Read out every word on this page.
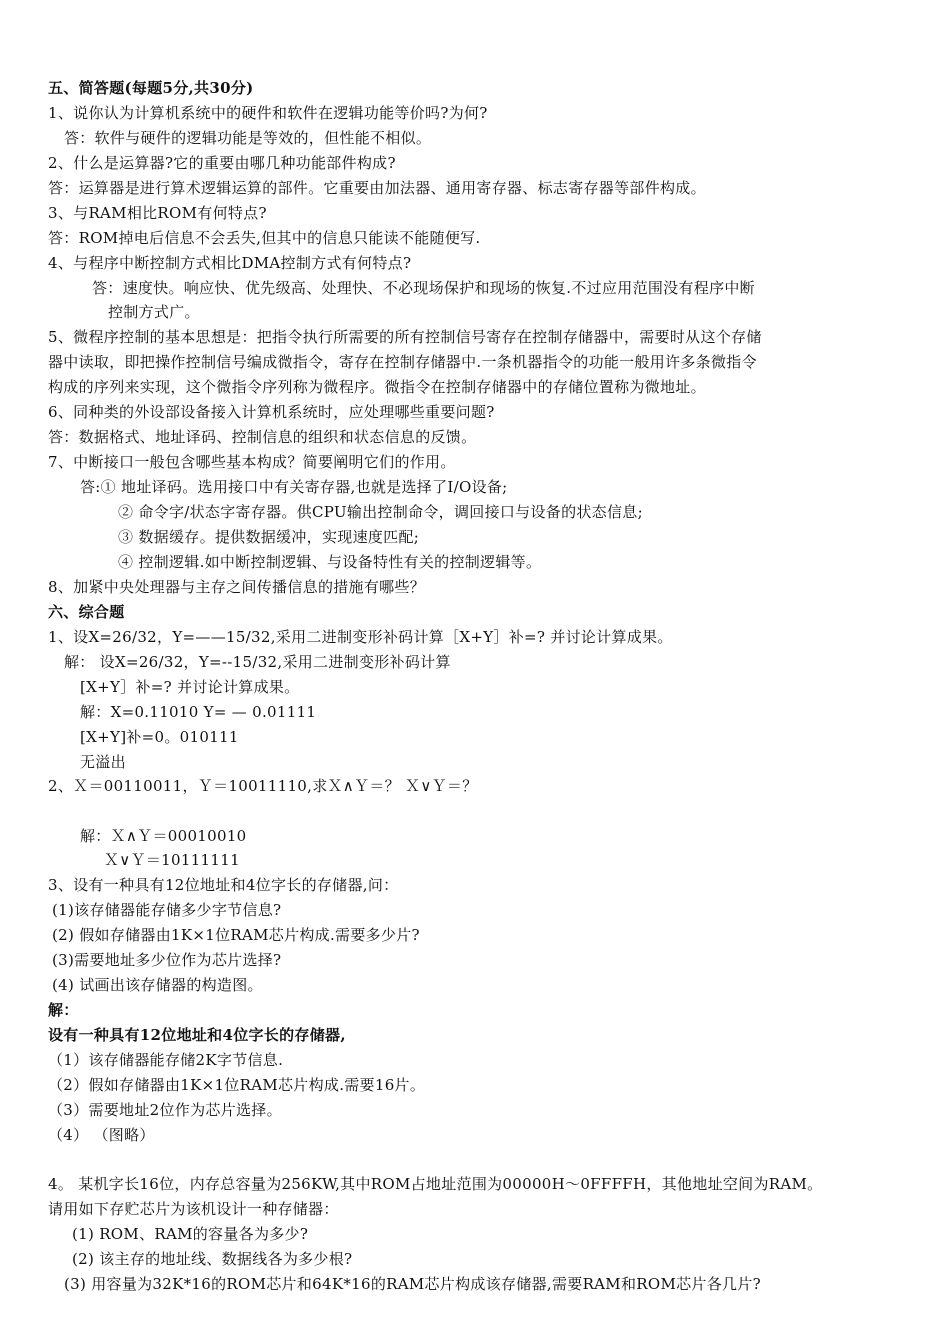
五、简答题(每题5分,共30分)
1、说你认为计算机系统中的硬件和软件在逻辑功能等价吗?为何?
答：软件与硬件的逻辑功能是等效的，但性能不相似。
2、什么是运算器?它的重要由哪几种功能部件构成?
答：运算器是进行算术逻辑运算的部件。它重要由加法器、通用寄存器、标志寄存器等部件构成。
3、与RAM相比ROM有何特点?
答：ROM掉电后信息不会丢失,但其中的信息只能读不能随便写.
4、与程序中断控制方式相比DMA控制方式有何特点?
答：速度快。响应快、优先级高、处理快、不必现场保护和现场的恢复.不过应用范围没有程序中断
控制方式广。
5、微程序控制的基本思想是：把指令执行所需要的所有控制信号寄存在控制存储器中，需要时从这个存储
器中读取，即把操作控制信号编成微指令，寄存在控制存储器中.一条机器指令的功能一般用许多条微指令
构成的序列来实现，这个微指令序列称为微程序。微指令在控制存储器中的存储位置称为微地址。
6、同种类的外设部设备接入计算机系统时，应处理哪些重要问题?
答：数据格式、地址译码、控制信息的组织和状态信息的反馈。
7、中断接口一般包含哪些基本构成？简要阐明它们的作用。
答:① 地址译码。选用接口中有关寄存器,也就是选择了I/O设备;
② 命令字/状态字寄存器。供CPU输出控制命令，调回接口与设备的状态信息;
③ 数据缓存。提供数据缓冲，实现速度匹配;
④ 控制逻辑.如中断控制逻辑、与设备特性有关的控制逻辑等。
8、加紧中央处理器与主存之间传播信息的措施有哪些？
六、综合题
1、设X=26/32，Y=——15/32,采用二进制变形补码计算［X+Y］补=? 并讨论计算成果。
解： 设X=26/32，Y=--15/32,采用二进制变形补码计算
[X+Y］补=? 并讨论计算成果。
解：X=0.11010 Y= — 0.01111
[X+Y]补=0。010111
无溢出
2、Ｘ＝00110011，Ｙ＝10011110,求Ｘ∧Ｙ＝？ Ｘ∨Ｙ＝？
解：Ｘ∧Ｙ＝00010010
Ｘ∨Ｙ＝10111111
3、设有一种具有12位地址和4位字长的存储器,问：
(1)该存储器能存储多少字节信息?
(2) 假如存储器由1K×1位RAM芯片构成.需要多少片?
(3)需要地址多少位作为芯片选择?
(4) 试画出该存储器的构造图。
解：
设有一种具有12位地址和4位字长的存储器,
（1）该存储器能存储2K字节信息.
（2）假如存储器由1K×1位RAM芯片构成.需要16片。
（3）需要地址2位作为芯片选择。
（4） （图略）
4。 某机字长16位，内存总容量为256KW,其中ROM占地址范围为00000H～0FFFFH，其他地址空间为RAM。
请用如下存贮芯片为该机设计一种存储器：
(1) ROM、RAM的容量各为多少?
(2) 该主存的地址线、数据线各为多少根?
(3) 用容量为32K*16的ROM芯片和64K*16的RAM芯片构成该存储器,需要RAM和ROM芯片各几片?
